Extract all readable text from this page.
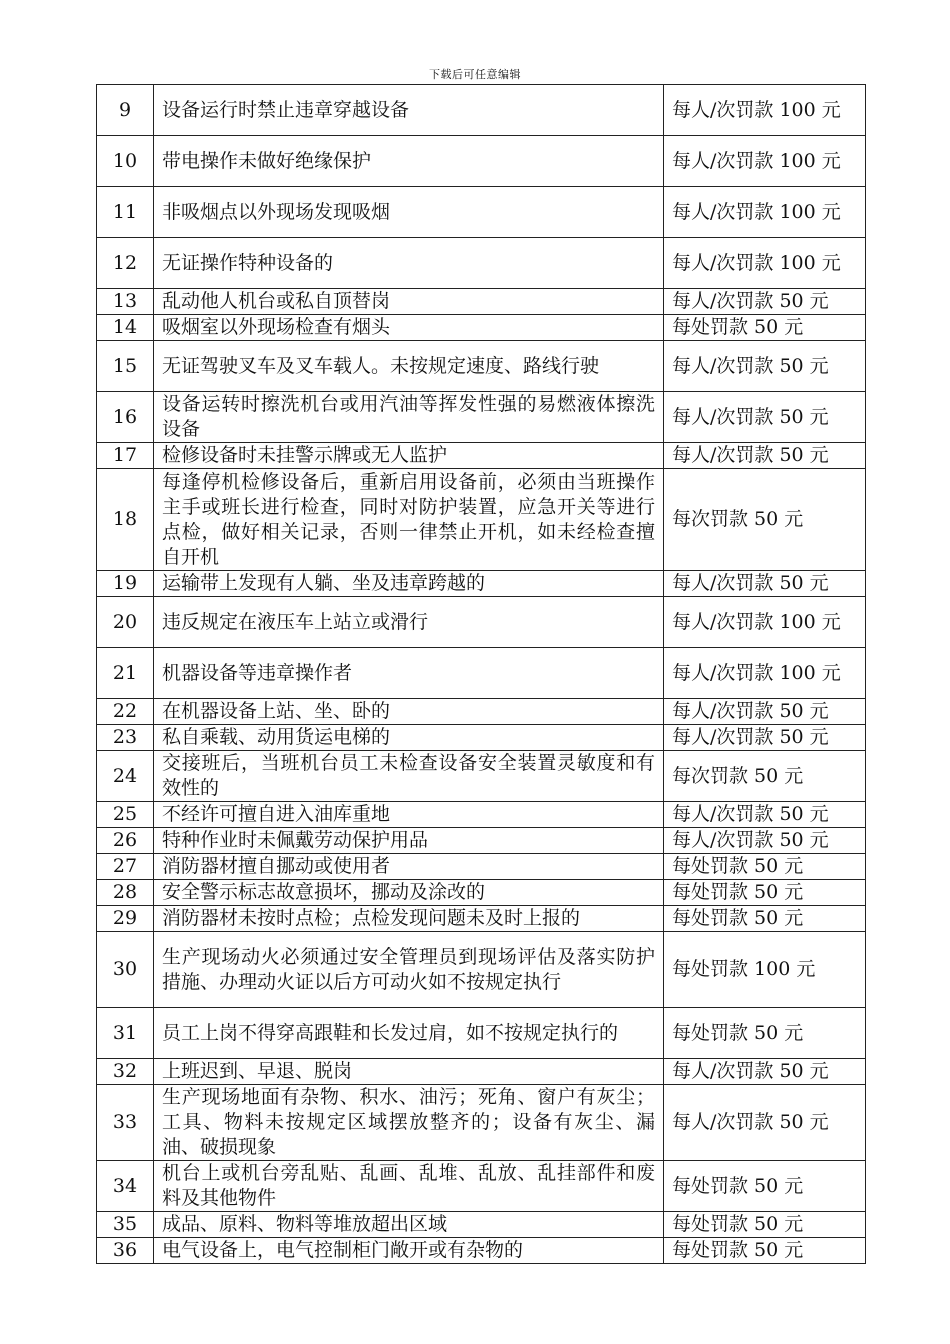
下载后可任意编辑
9	设备运行时禁止违章穿越设备	每人/次罚款 100 元
10	带电操作未做好绝缘保护	每人/次罚款 100 元
11	非吸烟点以外现场发现吸烟	每人/次罚款 100 元
12	无证操作特种设备的	每人/次罚款 100 元
13	乱动他人机台或私自顶替岗	每人/次罚款 50 元
14	吸烟室以外现场检查有烟头	每处罚款 50 元
15	无证驾驶叉车及叉车载人。未按规定速度、路线行驶	每人/次罚款 50 元
16	设备运转时擦洗机台或用汽油等挥发性强的易燃液体擦洗设备	每人/次罚款 50 元
17	检修设备时未挂警示牌或无人监护	每人/次罚款 50 元
18	每逢停机检修设备后，重新启用设备前，必须由当班操作主手或班长进行检查，同时对防护装置，应急开关等进行点检，做好相关记录，否则一律禁止开机，如未经检查擅自开机	每次罚款 50 元
19	运输带上发现有人躺、坐及违章跨越的	每人/次罚款 50 元
20	违反规定在液压车上站立或滑行	每人/次罚款 100 元
21	机器设备等违章操作者	每人/次罚款 100 元
22	在机器设备上站、坐、卧的	每人/次罚款 50 元
23	私自乘载、动用货运电梯的	每人/次罚款 50 元
24	交接班后，当班机台员工未检查设备安全装置灵敏度和有效性的	每次罚款 50 元
25	不经许可擅自进入油库重地	每人/次罚款 50 元
26	特种作业时未佩戴劳动保护用品	每人/次罚款 50 元
27	消防器材擅自挪动或使用者	每处罚款 50 元
28	安全警示标志故意损坏，挪动及涂改的	每处罚款 50 元
29	消防器材未按时点检；点检发现问题未及时上报的	每处罚款 50 元
30	生产现场动火必须通过安全管理员到现场评估及落实防护措施、办理动火证以后方可动火如不按规定执行	每处罚款 100 元
31	员工上岗不得穿高跟鞋和长发过肩，如不按规定执行的	每处罚款 50 元
32	上班迟到、早退、脱岗	每人/次罚款 50 元
33	生产现场地面有杂物、积水、油污；死角、窗户有灰尘；工具、物料未按规定区域摆放整齐的；设备有灰尘、漏油、破损现象	每人/次罚款 50 元
34	机台上或机台旁乱贴、乱画、乱堆、乱放、乱挂部件和废料及其他物件	每处罚款 50 元
35	成品、原料、物料等堆放超出区域	每处罚款 50 元
36	电气设备上，电气控制柜门敞开或有杂物的	每处罚款 50 元
